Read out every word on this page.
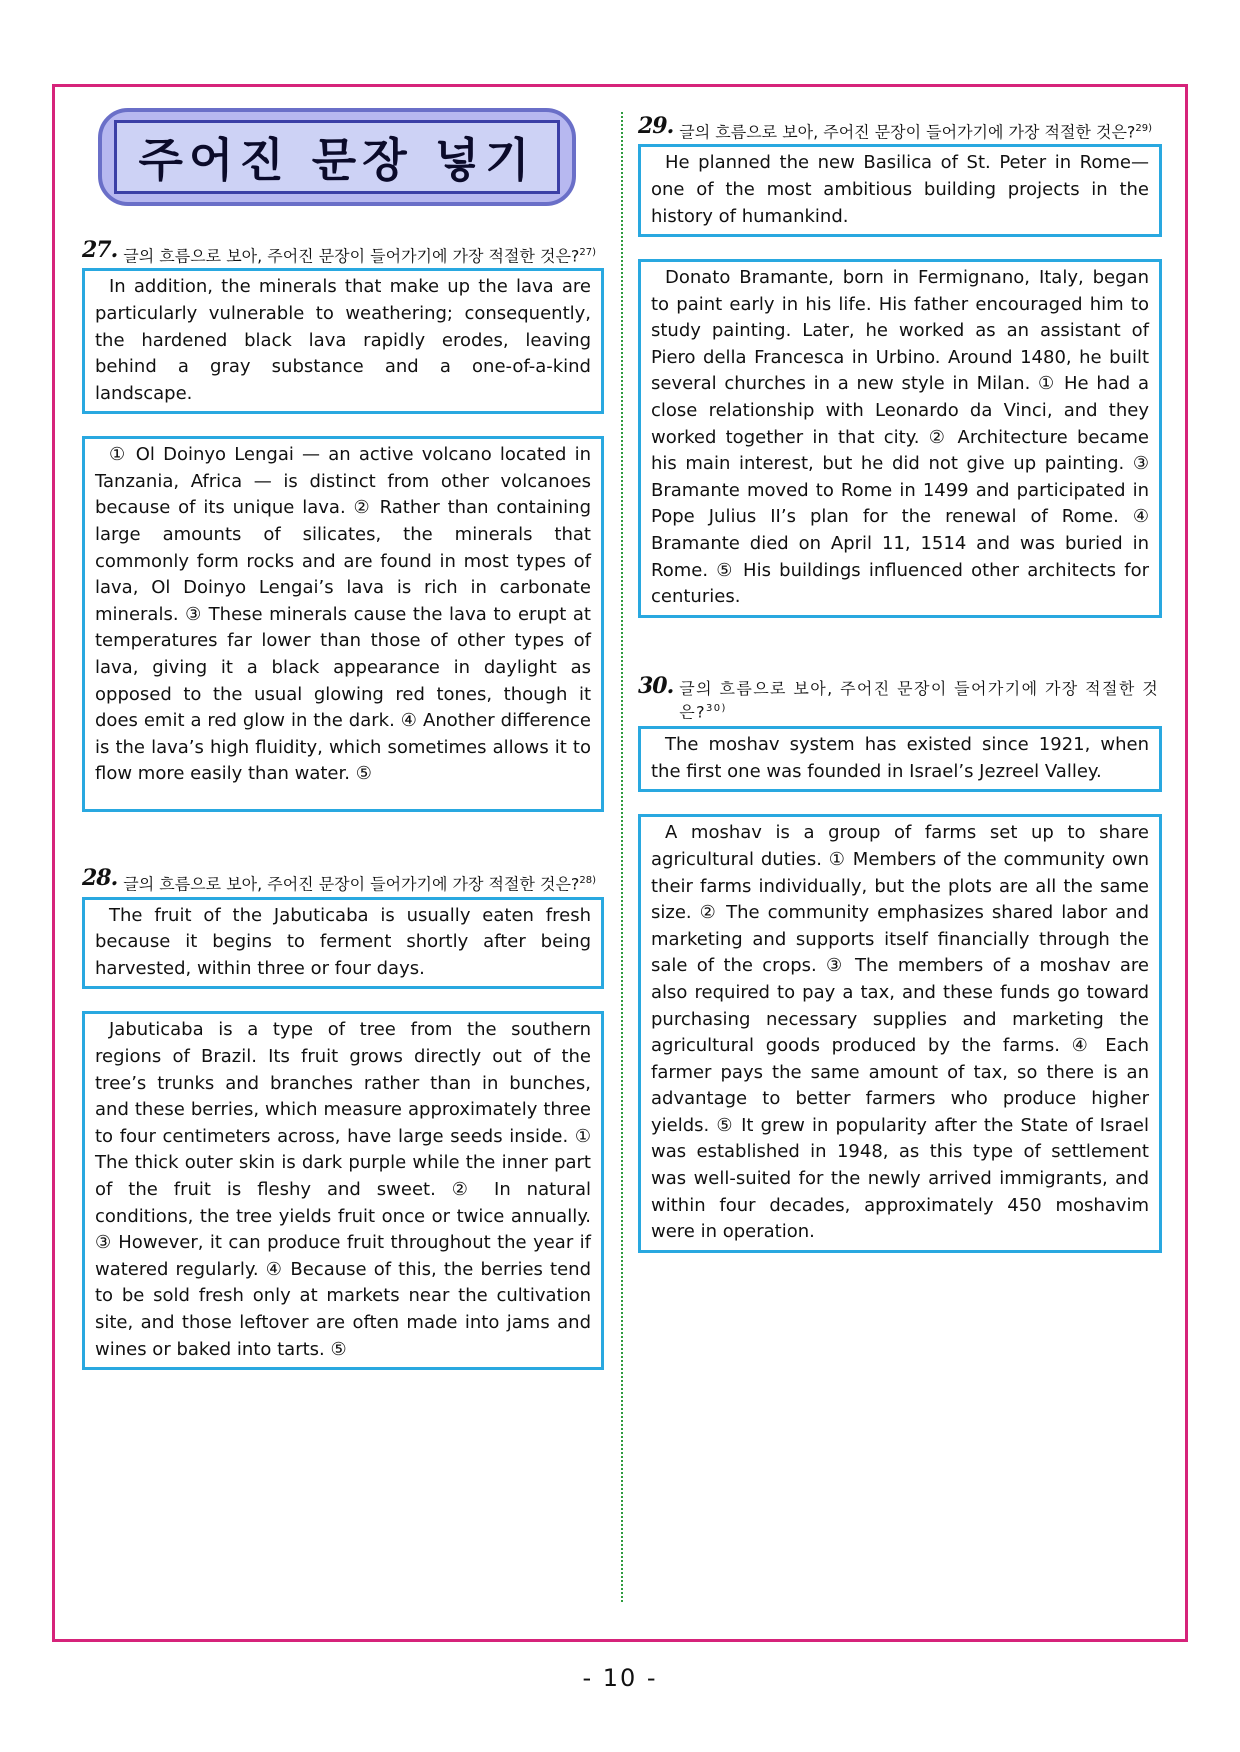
주어진 문장 넣기
27. 글의 흐름으로 보아, 주어진 문장이 들어가기에 가장 적절한 것은?$^{27)}$
In addition, the minerals that make up the lava are particularly vulnerable to weathering; consequently, the hardened black lava rapidly erodes, leaving behind a gray substance and a one-of-a-kind landscape.
① Ol Doinyo Lengai — an active volcano located in Tanzania, Africa — is distinct from other volcanoes because of its unique lava. ② Rather than containing large amounts of silicates, the minerals that commonly form rocks and are found in most types of lava, Ol Doinyo Lengai’s lava is rich in carbonate minerals. ③ These minerals cause the lava to erupt at temperatures far lower than those of other types of lava, giving it a black appearance in daylight as opposed to the usual glowing red tones, though it does emit a red glow in the dark. ④ Another difference is the lava’s high fluidity, which sometimes allows it to flow more easily than water. ⑤
28. 글의 흐름으로 보아, 주어진 문장이 들어가기에 가장 적절한 것은?$^{28)}$
The fruit of the Jabuticaba is usually eaten fresh because it begins to ferment shortly after being harvested, within three or four days.
Jabuticaba is a type of tree from the southern regions of Brazil. Its fruit grows directly out of the tree’s trunks and branches rather than in bunches, and these berries, which measure approximately three to four centimeters across, have large seeds inside. ① The thick outer skin is dark purple while the inner part of the fruit is fleshy and sweet. ② In natural conditions, the tree yields fruit once or twice annually. ③ However, it can produce fruit throughout the year if watered regularly. ④ Because of this, the berries tend to be sold fresh only at markets near the cultivation site, and those leftover are often made into jams and wines or baked into tarts. ⑤
29. 글의 흐름으로 보아, 주어진 문장이 들어가기에 가장 적절한 것은?$^{29)}$
He planned the new Basilica of St. Peter in Rome— one of the most ambitious building projects in the history of humankind.
Donato Bramante, born in Fermignano, Italy, began to paint early in his life. His father encouraged him to study painting. Later, he worked as an assistant of Piero della Francesca in Urbino. Around 1480, he built several churches in a new style in Milan. ① He had a close relationship with Leonardo da Vinci, and they worked together in that city. ② Architecture became his main interest, but he did not give up painting. ③ Bramante moved to Rome in 1499 and participated in Pope Julius II’s plan for the renewal of Rome. ④ Bramante died on April 11, 1514 and was buried in Rome. ⑤ His buildings influenced other architects for centuries.
30. 글의 흐름으로 보아, 주어진 문장이 들어가기에 가장 적절한 것은?$^{30)}$
The moshav system has existed since 1921, when the first one was founded in Israel’s Jezreel Valley.
A moshav is a group of farms set up to share agricultural duties. ① Members of the community own their farms individually, but the plots are all the same size. ② The community emphasizes shared labor and marketing and supports itself financially through the sale of the crops. ③ The members of a moshav are also required to pay a tax, and these funds go toward purchasing necessary supplies and marketing the agricultural goods produced by the farms. ④ Each farmer pays the same amount of tax, so there is an advantage to better farmers who produce higher yields. ⑤ It grew in popularity after the State of Israel was established in 1948, as this type of settlement was well-suited for the newly arrived immigrants, and within four decades, approximately 450 moshavim were in operation.
- 10 -
